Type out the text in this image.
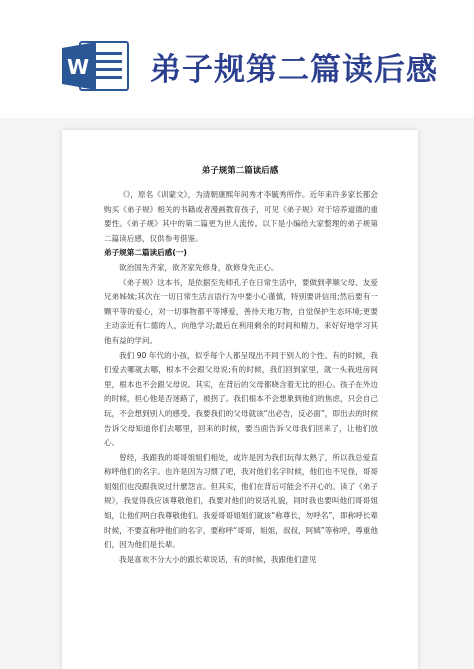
W 弟子规第二篇读后感
弟子规第二篇读后感

《》，原名《训蒙文》，为清朝康熙年间秀才李毓秀所作。近年来许多家长都会购买《弟子规》相关的书籍或者漫画教育孩子，可见《弟子规》对于培养道德的重要性。《弟子规》其中的第二篇更为世人流传。以下是小编给大家整理的弟子规第二篇读后感，仅供参考借鉴。

弟子规第二篇读后感(一)

欲治国先齐家，欲齐家先修身，欲修身先正心。

《弟子规》这本书，是依据至先师孔子在日常生活中，要做到孝顺父母、友爱兄弟姊妹;其次在一切日常生活言语行为中要小心谨慎，特别要讲信用;然后要有一颗平等的爱心，对一切事物都平等博爱，善待天地万物，自觉保护生态环境;更要主动亲近有仁德的人，向他学习;最后在利用剩余的时间和精力，来好好地学习其他有益的学问。

我们 90 年代的小孩，似乎每个人都呈现出不同于别人的个性。有的时候，我们爱去哪就去哪，根本不会跟父母说;有的时候，我们回到家里，就一头栽进房间里，根本也不会跟父母说。其实，在背后的父母都晓含着无比的担心。孩子在外边的时候，担心他是否迷路了，被拐了。我们根本不会想象到他们的焦虑，只会自己玩，不会想到别人的感受。我要我们的父母就该“出必告，反必面”，即出去的时候告诉父母知道你们去哪里，回来的时候，要当面告诉父母我们回来了，让他们放心。

曾经，我跟我的哥哥姐姐们相处，或许是因为我们玩得太熟了，所以我总爱直称呼他们的名字。也许是因为习惯了吧，我对他们名字时候，他们也不见怪，哥哥姐姐们也没跟我说过什麽怨言。但其实，他们在背后可能会不开心的。读了《弟子规》，我觉得我应该尊敬他们，我要对他们的说话礼貌，同时我也要叫他们哥哥姐姐，让他们明白我尊敬他们。我爱哥哥姐姐们就该“称尊长，勿呼名”，即称呼长辈时候，不要直称呼他们的名字，要称呼“哥哥，姐姐，叔叔，阿姨”等称呼，尊重他们，因为他们是长辈。

我是喜欢不分大小的跟长辈说话，有的时候，我跟他们意见
